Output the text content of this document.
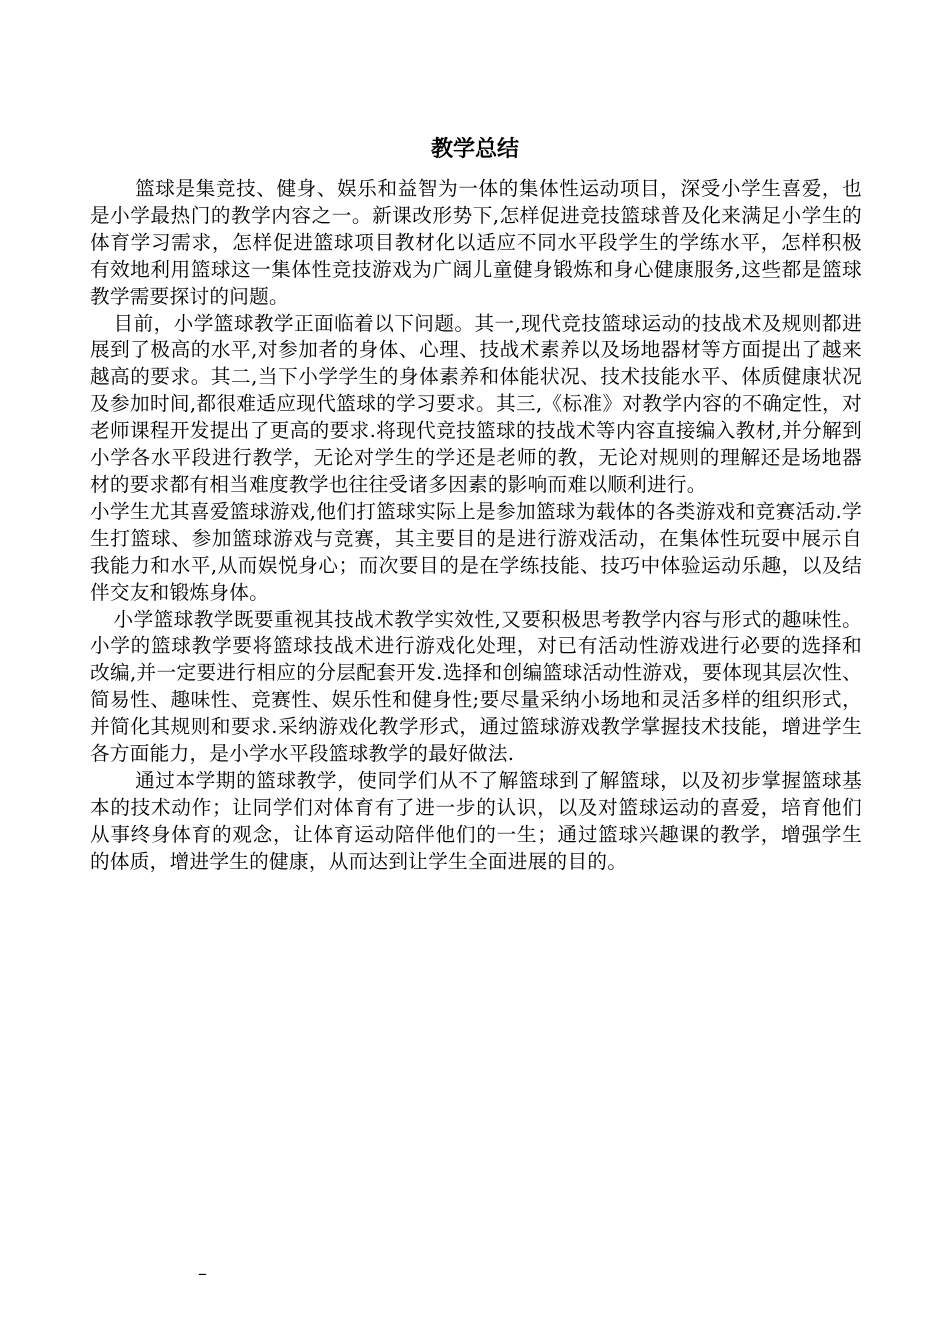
教学总结

篮球是集竞技、健身、娱乐和益智为一体的集体性运动项目，深受小学生喜爱，也是小学最热门的教学内容之一。新课改形势下,怎样促进竞技篮球普及化来满足小学生的体育学习需求，怎样促进篮球项目教材化以适应不同水平段学生的学练水平，怎样积极有效地利用篮球这一集体性竞技游戏为广阔儿童健身锻炼和身心健康服务,这些都是篮球教学需要探讨的问题。

目前，小学篮球教学正面临着以下问题。其一,现代竞技篮球运动的技战术及规则都进展到了极高的水平,对参加者的身体、心理、技战术素养以及场地器材等方面提出了越来越高的要求。其二,当下小学学生的身体素养和体能状况、技术技能水平、体质健康状况及参加时间,都很难适应现代篮球的学习要求。其三,《标准》对教学内容的不确定性，对老师课程开发提出了更高的要求.将现代竞技篮球的技战术等内容直接编入教材,并分解到小学各水平段进行教学，无论对学生的学还是老师的教，无论对规则的理解还是场地器材的要求都有相当难度教学也往往受诸多因素的影响而难以顺利进行。

小学生尤其喜爱篮球游戏,他们打篮球实际上是参加篮球为载体的各类游戏和竞赛活动.学生打篮球、参加篮球游戏与竞赛，其主要目的是进行游戏活动，在集体性玩耍中展示自我能力和水平,从而娱悦身心；而次要目的是在学练技能、技巧中体验运动乐趣，以及结伴交友和锻炼身体。

小学篮球教学既要重视其技战术教学实效性,又要积极思考教学内容与形式的趣味性。小学的篮球教学要将篮球技战术进行游戏化处理，对已有活动性游戏进行必要的选择和改编,并一定要进行相应的分层配套开发.选择和创编篮球活动性游戏，要体现其层次性、简易性、趣味性、竞赛性、娱乐性和健身性;要尽量采纳小场地和灵活多样的组织形式，并简化其规则和要求.采纳游戏化教学形式，通过篮球游戏教学掌握技术技能，增进学生各方面能力，是小学水平段篮球教学的最好做法.

通过本学期的篮球教学，使同学们从不了解篮球到了解篮球，以及初步掌握篮球基本的技术动作；让同学们对体育有了进一步的认识，以及对篮球运动的喜爱，培育他们从事终身体育的观念，让体育运动陪伴他们的一生；通过篮球兴趣课的教学，增强学生的体质，增进学生的健康，从而达到让学生全面进展的目的。

–
